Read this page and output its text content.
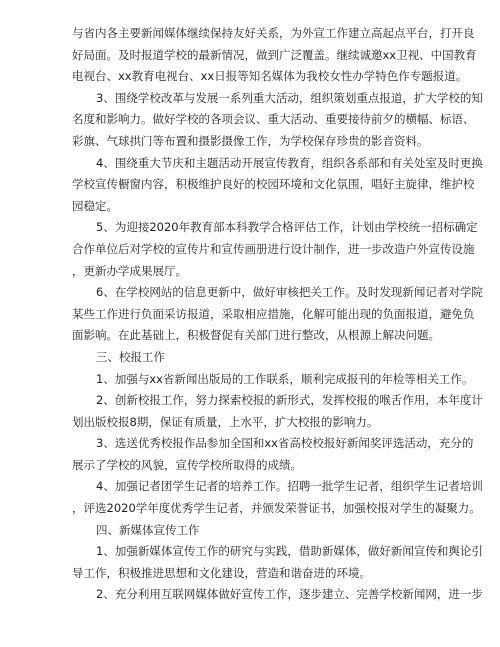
与省内各主要新闻媒体继续保持友好关系，为外宣工作建立高起点平台，打开良
好局面。及时报道学校的最新情况，做到广泛覆盖。继续诚邀xx卫视、中国教育
电视台、xx教育电视台、xx日报等知名媒体为我校女性办学特色作专题报道。
3、围绕学校改革与发展一系列重大活动，组织策划重点报道，扩大学校的知
名度和影响力。做好学校的各项会议、重大活动、重要接待前夕的横幅、标语、
彩旗、气球拱门等布置和摄影摄像工作，为学校保存珍贵的影音资料。
4、围绕重大节庆和主题活动开展宣传教育，组织各系部和有关处室及时更换
学校宣传橱窗内容，积极维护良好的校园环境和文化氛围，唱好主旋律，维护校
园稳定。
5、为迎接2020年教育部本科教学合格评估工作，计划由学校统一招标确定
合作单位后对学校的宣传片和宣传画册进行设计制作，进一步改造户外宣传设施
，更新办学成果展厅。
6、在学校网站的信息更新中，做好审核把关工作。及时发现新闻记者对学院
某些工作进行负面采访报道，采取相应措施，化解可能出现的负面报道，避免负
面影响。在此基础上，积极督促有关部门进行整改，从根源上解决问题。
三、校报工作
1、加强与xx省新闻出版局的工作联系，顺利完成报刊的年检等相关工作。
2、创新校报工作，努力探索校报的新形式，发挥校报的喉舌作用，本年度计
划出版校报8期，保证有质量，上水平，扩大校报的影响力。
3、选送优秀校报作品参加全国和xx省高校校报好新闻奖评选活动，充分的
展示了学校的风貌，宣传学校所取得的成绩。
4、加强记者团学生记者的培养工作。招聘一批学生记者，组织学生记者培训
，评选2020学年度优秀学生记者，并颁发荣誉证书，加强校报对学生的凝聚力。
四、新媒体宣传工作
1、加强新媒体宣传工作的研究与实践，借助新媒体，做好新闻宣传和舆论引
导工作，积极推进思想和文化建设，营造和谐奋进的环境。
2、充分利用互联网媒体做好宣传工作，逐步建立、完善学校新闻网，进一步
